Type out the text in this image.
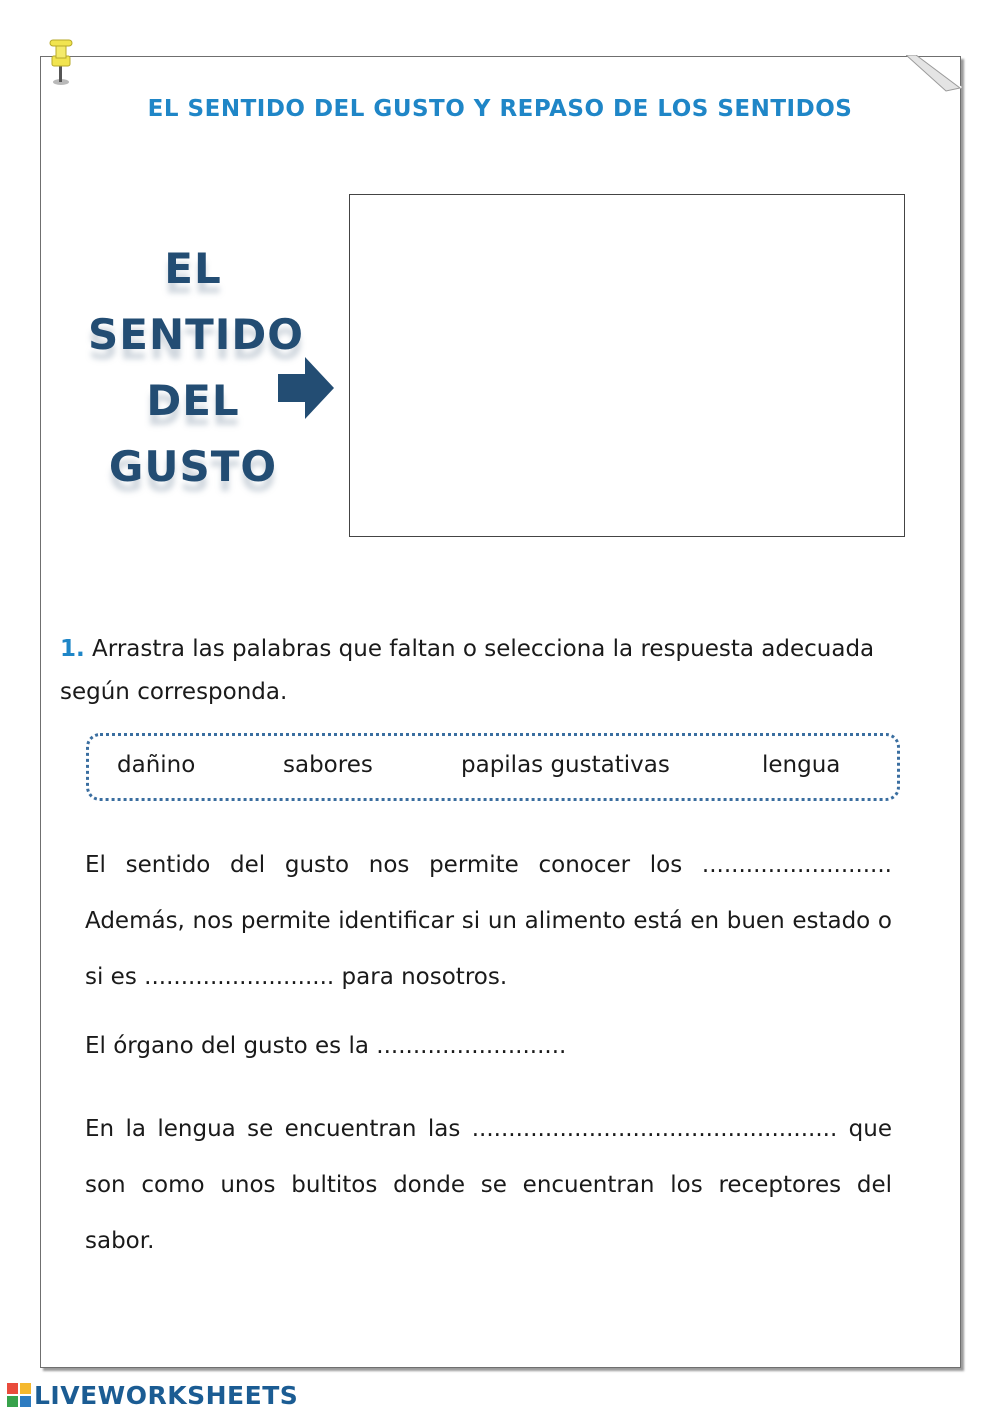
EL SENTIDO DEL GUSTO Y REPASO DE LOS SENTIDOS
EL
SENTIDO
DEL
GUSTO
1. Arrastra las palabras que faltan o selecciona la respuesta adecuada según corresponda.
dañino	sabores	papilas gustativas	lengua
El sentido del gusto nos permite conocer los .......................... Además, nos permite identificar si un alimento está en buen estado o si es .......................... para nosotros.
El órgano del gusto es la ..........................
En la lengua se encuentran las .................................................. que son como unos bultitos donde se encuentran los receptores del sabor.
LIVEWORKSHEETS
